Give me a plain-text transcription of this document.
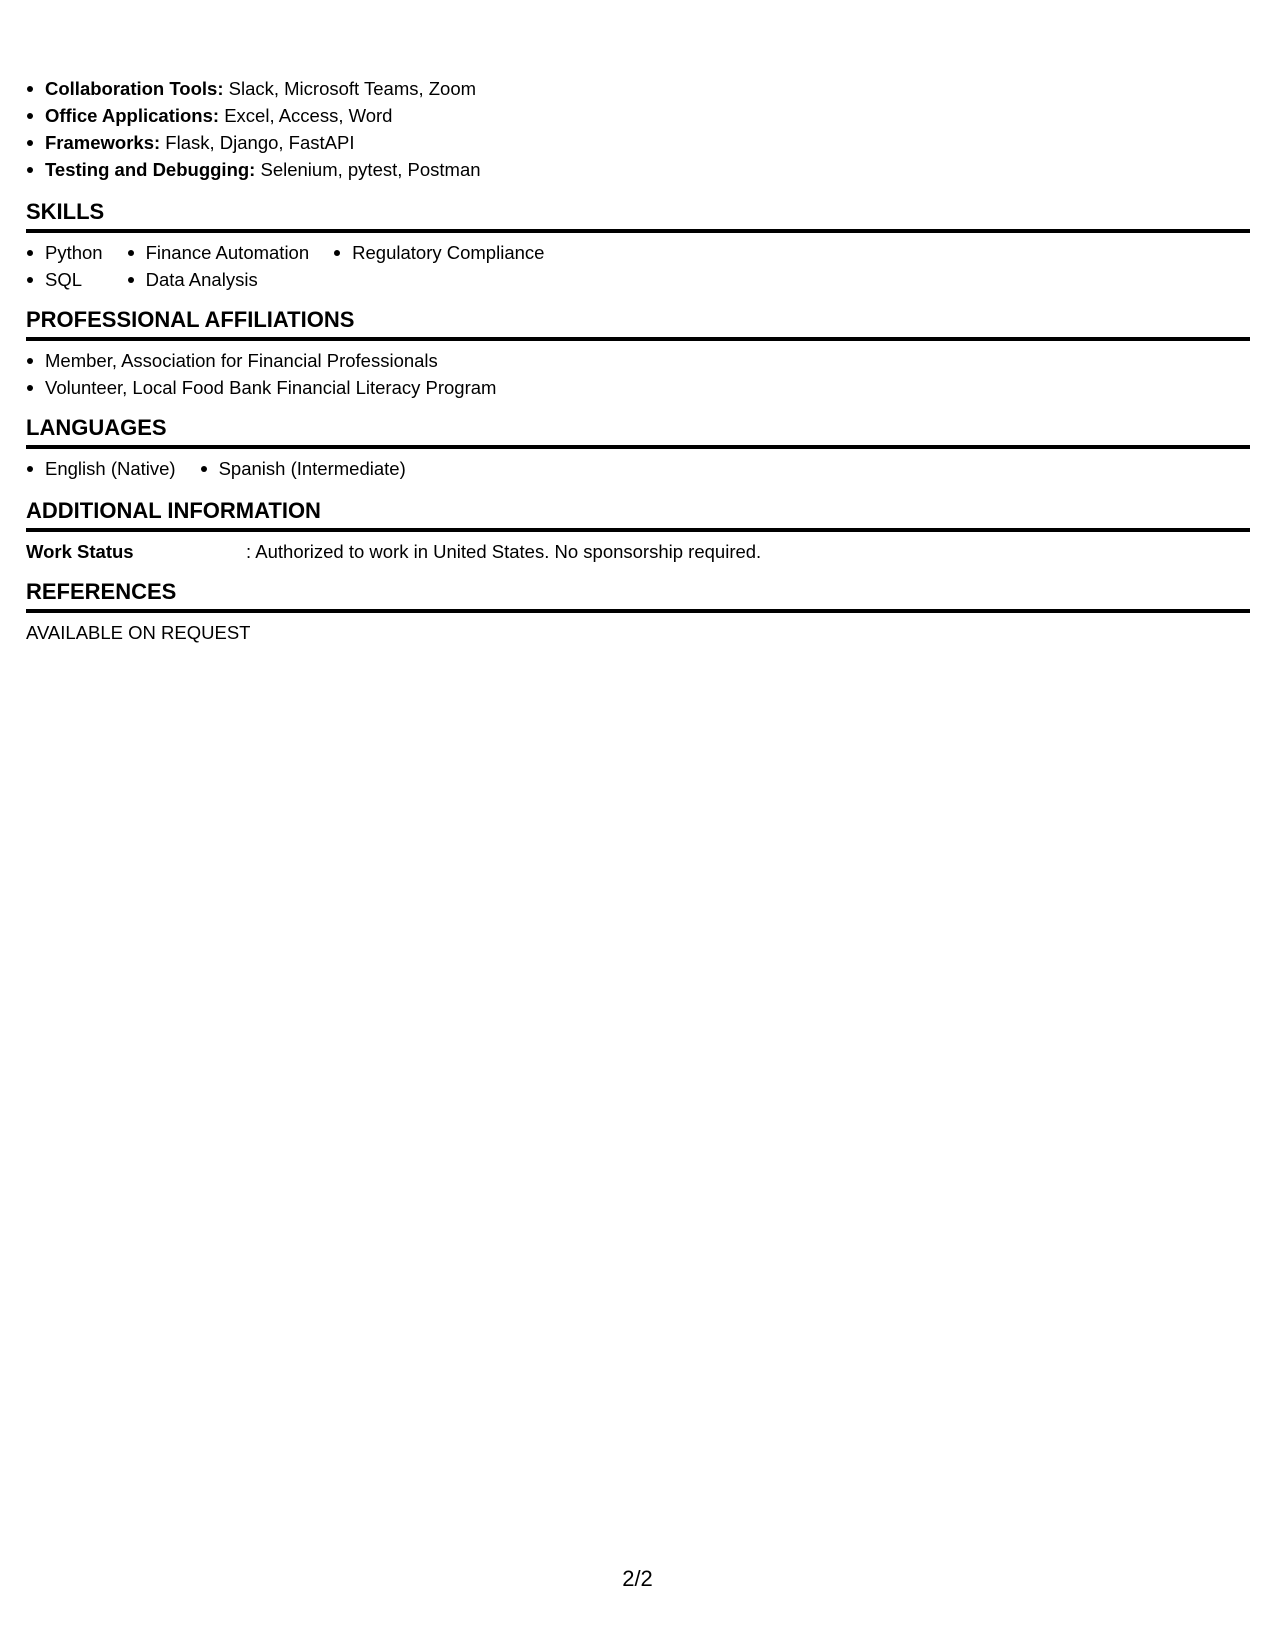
Collaboration Tools: Slack, Microsoft Teams, Zoom
Office Applications: Excel, Access, Word
Frameworks: Flask, Django, FastAPI
Testing and Debugging: Selenium, pytest, Postman
SKILLS
Python
SQL
Finance Automation
Data Analysis
Regulatory Compliance
PROFESSIONAL AFFILIATIONS
Member, Association for Financial Professionals
Volunteer, Local Food Bank Financial Literacy Program
LANGUAGES
English (Native)	Spanish (Intermediate)
ADDITIONAL INFORMATION
Work Status	: Authorized to work in United States. No sponsorship required.
REFERENCES
AVAILABLE ON REQUEST
2/2
